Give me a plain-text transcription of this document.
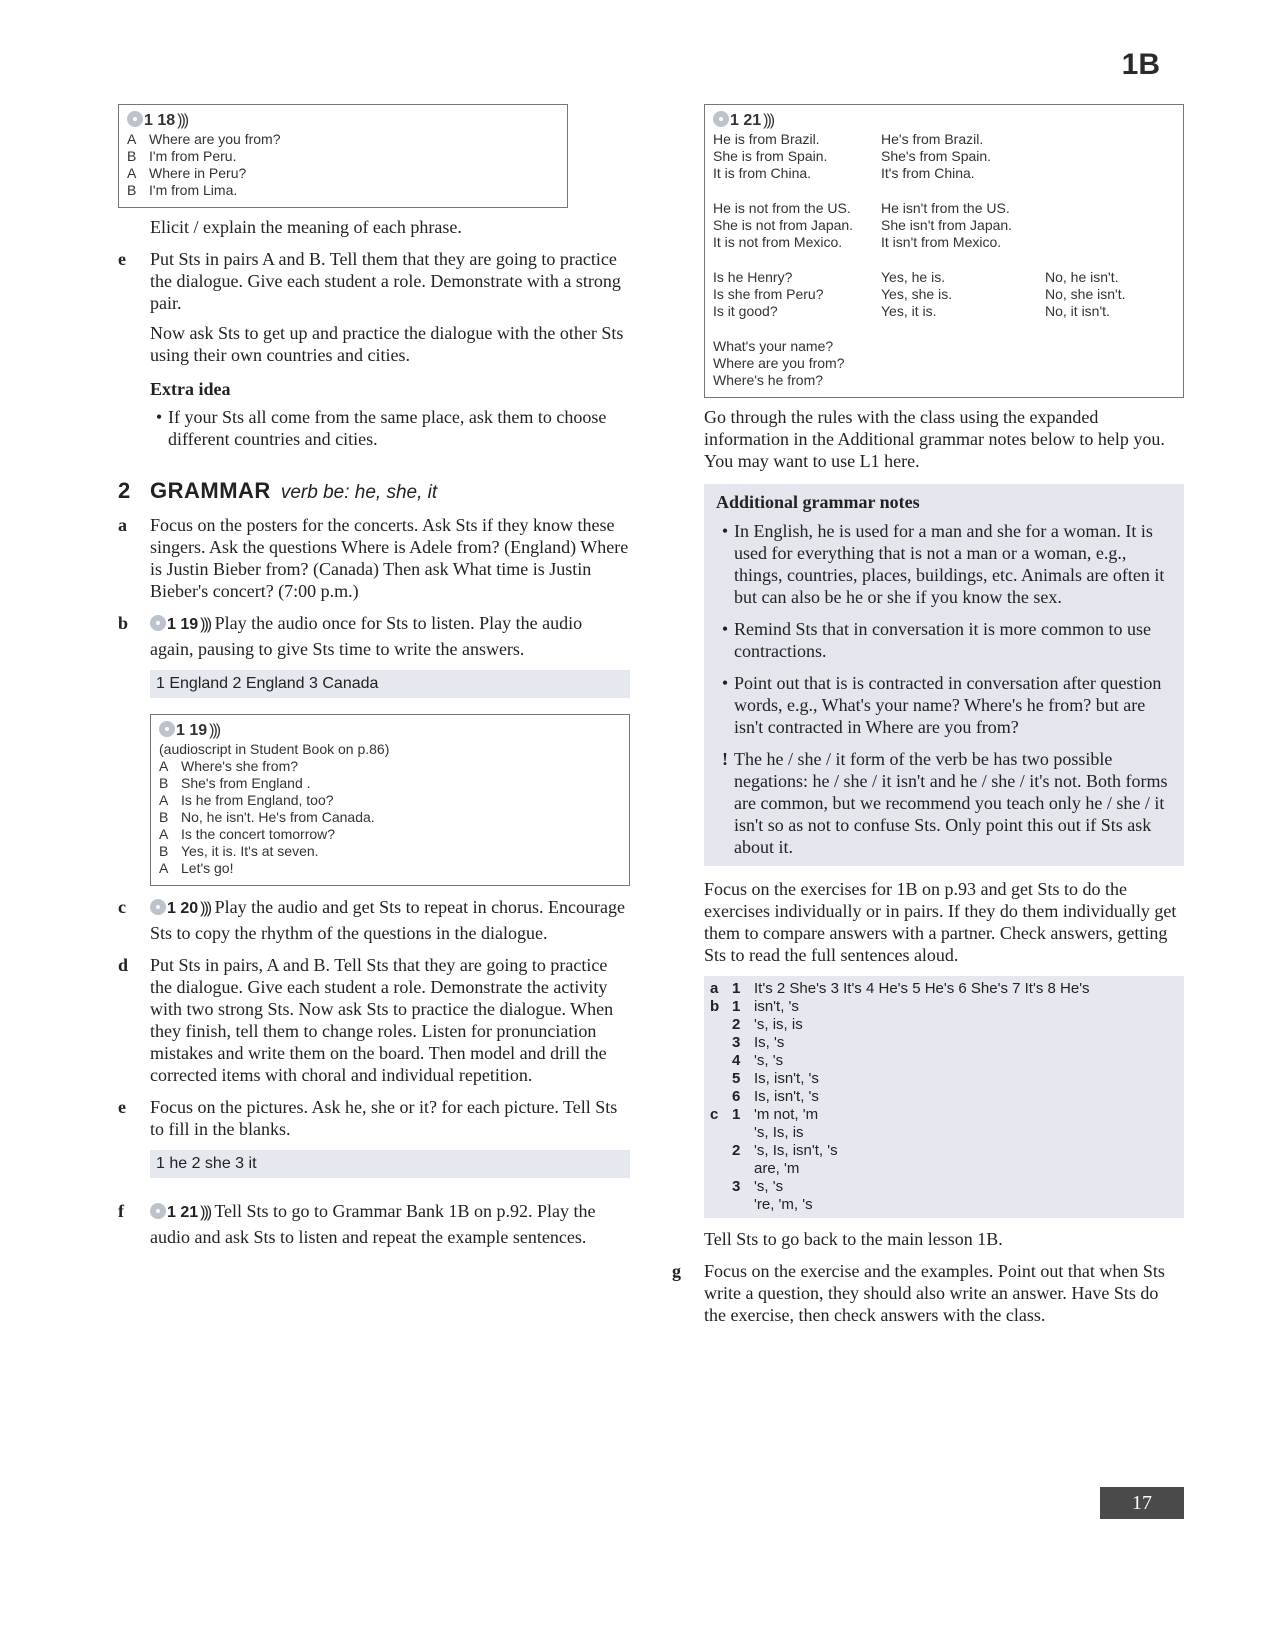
1B
1 18 )))
A Where are you from?
B I'm from Peru.
A Where in Peru?
B I'm from Lima.

Elicit / explain the meaning of each phrase.

e	Put Sts in pairs A and B. Tell them that they are going to practice the dialogue. Give each student a role. Demonstrate with a strong pair.

Now ask Sts to get up and practice the dialogue with the other Sts using their own countries and cities.

Extra idea

• If your Sts all come from the same place, ask them to choose different countries and cities.
2 GRAMMAR verb be: he, she, it
a	Focus on the posters for the concerts. Ask Sts if they know these singers. Ask the questions Where is Adele from? (England) Where is Justin Bieber from? (Canada) Then ask What time is Justin Bieber's concert? (7:00 p.m.)

b	1 19 ))) Play the audio once for Sts to listen. Play the audio again, pausing to give Sts time to write the answers.

1 England 2 England 3 Canada
1 19 )))
(audioscript in Student Book on p.86)
A Where's she from?
B She's from England .
A Is he from England, too?
B No, he isn't. He's from Canada.
A Is the concert tomorrow?
B Yes, it is. It's at seven.
A Let's go!
c	1 20 ))) Play the audio and get Sts to repeat in chorus. Encourage Sts to copy the rhythm of the questions in the dialogue.

d	Put Sts in pairs, A and B. Tell Sts that they are going to practice the dialogue. Give each student a role. Demonstrate the activity with two strong Sts. Now ask Sts to practice the dialogue. When they finish, tell them to change roles. Listen for pronunciation mistakes and write them on the board. Then model and drill the corrected items with choral and individual repetition.

e	Focus on the pictures. Ask he, she or it? for each picture. Tell Sts to fill in the blanks.

1 he 2 she 3 it
f	1 21 ))) Tell Sts to go to Grammar Bank 1B on p.92. Play the audio and ask Sts to listen and repeat the example sentences.

1 21 )))
He is from Brazil.	He's from Brazil.
She is from Spain.	She's from Spain.
It is from China.	It's from China.
He is not from the US.	He isn't from the US.
She is not from Japan.	She isn't from Japan.
It is not from Mexico.	It isn't from Mexico.
Is he Henry?	Yes, he is.	No, he isn't.
Is she from Peru?	Yes, she is.	No, she isn't.
Is it good?	Yes, it is.	No, it isn't.
What's your name?
Where are you from?
Where's he from?

Go through the rules with the class using the expanded information in the Additional grammar notes below to help you. You may want to use L1 here.

Additional grammar notes
• In English, he is used for a man and she for a woman. It is used for everything that is not a man or a woman, e.g., things, countries, places, buildings, etc. Animals are often it but can also be he or she if you know the sex.
• Remind Sts that in conversation it is more common to use contractions.
• Point out that is is contracted in conversation after question words, e.g., What's your name? Where's he from? but are isn't contracted in Where are you from?
! The he / she / it form of the verb be has two possible negations: he / she / it isn't and he / she / it's not. Both forms are common, but we recommend you teach only he / she / it isn't so as not to confuse Sts. Only point this out if Sts ask about it.

Focus on the exercises for 1B on p.93 and get Sts to do the exercises individually or in pairs. If they do them individually get them to compare answers with a partner. Check answers, getting Sts to read the full sentences aloud.

a 1 It's 2 She's 3 It's 4 He's 5 He's 6 She's 7 It's 8 He's
b 1 isn't, 's
2 's, is, is
3 Is, 's
4 's, 's
5 Is, isn't, 's
6 Is, isn't, 's
c 1 'm not, 'm
's, Is, is
2 's, Is, isn't, 's
are, 'm
3 's, 's
're, 'm, 's

Tell Sts to go back to the main lesson 1B.

g	Focus on the exercise and the examples. Point out that when Sts write a question, they should also write an answer. Have Sts do the exercise, then check answers with the class.

17
